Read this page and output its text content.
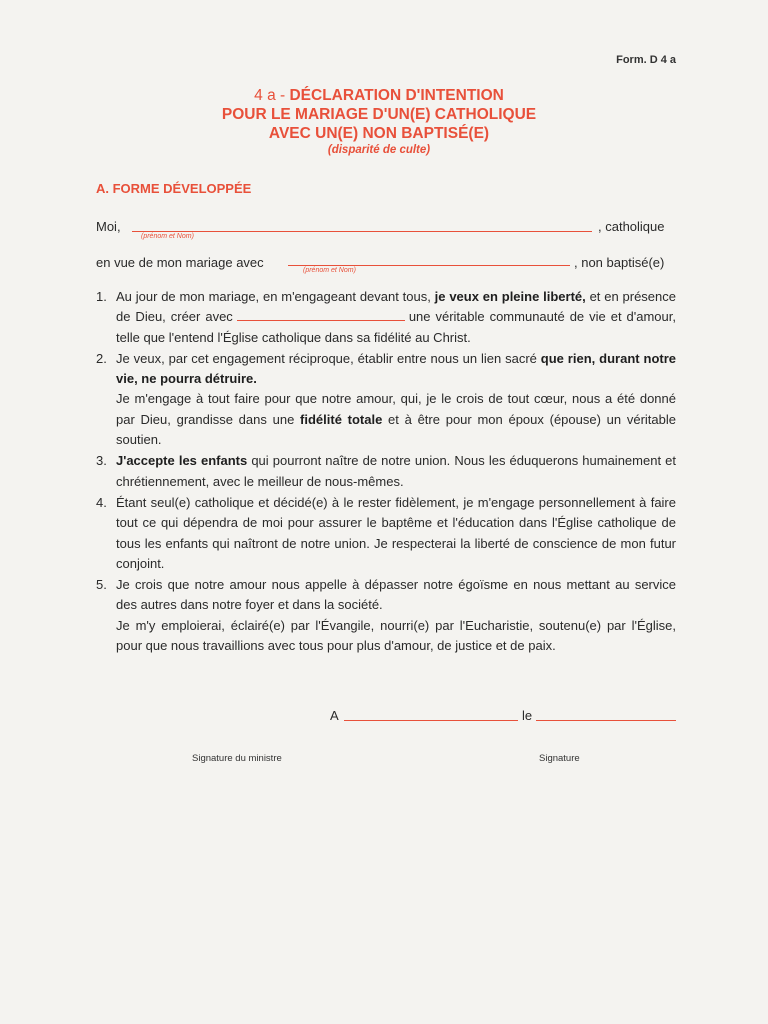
Form. D 4 a
4 a - DÉCLARATION D'INTENTION
POUR LE MARIAGE D'UN(E) CATHOLIQUE
AVEC UN(E) NON BAPTISÉ(E)
(disparité de culte)
A. FORME DÉVELOPPÉE
Moi,
(prénom et Nom)
, catholique
en vue de mon mariage avec
(prénom et Nom)
, non baptisé(e)
1. Au jour de mon mariage, en m'engageant devant tous, je veux en pleine liberté, et en présence de Dieu, créer avec	une véritable communauté de vie et d'amour, telle que l'entend l'Église catholique dans sa fidélité au Christ.
2. Je veux, par cet engagement réciproque, établir entre nous un lien sacré que rien, durant notre vie, ne pourra détruire.

Je m'engage à tout faire pour que notre amour, qui, je le crois de tout cœur, nous a été donné par Dieu, grandisse dans une fidélité totale et à être pour mon époux (épouse) un véritable soutien.

3. J'accepte les enfants qui pourront naître de notre union. Nous les éduquerons humainement et chrétiennement, avec le meilleur de nous-mêmes.
4. Étant seul(e) catholique et décidé(e) à le rester fidèlement, je m'engage personnellement à faire tout ce qui dépendra de moi pour assurer le baptême et l'éducation dans l'Église catholique de tous les enfants qui naîtront de notre union. Je respecterai la liberté de conscience de mon futur conjoint.
5. Je crois que notre amour nous appelle à dépasser notre égoïsme en nous mettant au service des autres dans notre foyer et dans la société.

Je m'y emploierai, éclairé(e) par l'Évangile, nourri(e) par l'Eucharistie, soutenu(e) par l'Église, pour que nous travaillions avec tous pour plus d'amour, de justice et de paix.

A	le
Signature du ministre	Signature
